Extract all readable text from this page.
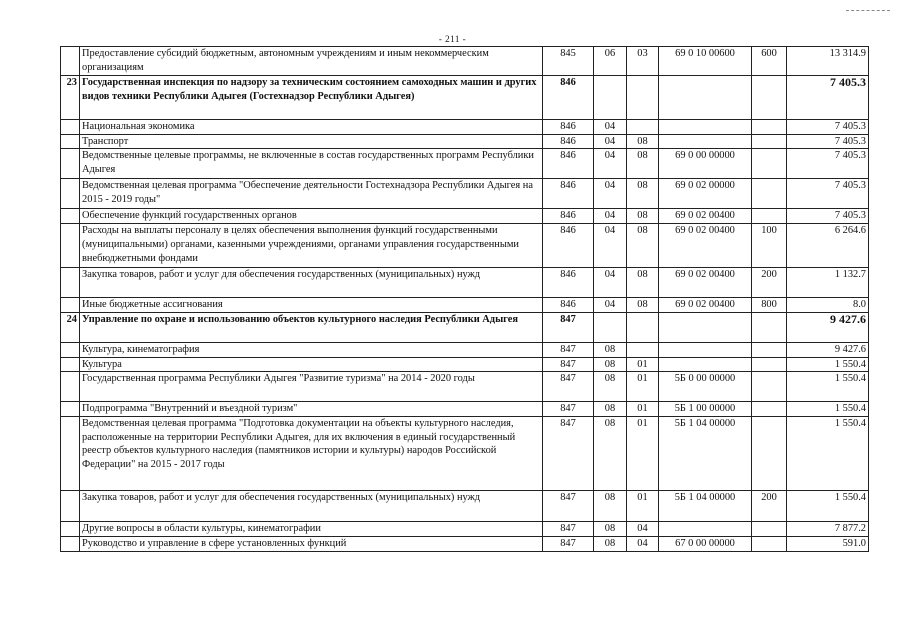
- 211 -
	Предоставление субсидий бюджетным, автономным учреждениям и иным некоммерческим организациям	845	06	03	69 0 10 00600	600	13 314.9
23	Государственная инспекция по надзору за техническим состоянием самоходных машин и других видов техники Республики Адыгея (Гостехнадзор Республики Адыгея)	846					7 405.3
	Национальная экономика	846	04				7 405.3
	Транспорт	846	04	08			7 405.3
	Ведомственные целевые программы, не включенные в состав государственных программ Республики Адыгея	846	04	08	69 0 00 00000		7 405.3
	Ведомственная целевая программа "Обеспечение деятельности Гостехнадзора Республики Адыгея на 2015 - 2019 годы"	846	04	08	69 0 02 00000		7 405.3
	Обеспечение функций государственных органов	846	04	08	69 0 02 00400		7 405.3
	Расходы на выплаты персоналу в целях обеспечения выполнения функций государственными (муниципальными) органами, казенными учреждениями, органами управления государственными внебюджетными фондами	846	04	08	69 0 02 00400	100	6 264.6
	Закупка товаров, работ и услуг для обеспечения государственных (муниципальных) нужд	846	04	08	69 0 02 00400	200	1 132.7
	Иные бюджетные ассигнования	846	04	08	69 0 02 00400	800	8.0
24	Управление по охране и использованию объектов культурного наследия Республики Адыгея	847					9 427.6
	Культура, кинематография	847	08				9 427.6
	Культура	847	08	01			1 550.4
	Государственная программа Республики Адыгея "Развитие туризма" на 2014 - 2020 годы	847	08	01	5Б 0 00 00000		1 550.4
	Подпрограмма "Внутренний и въездной туризм"	847	08	01	5Б 1 00 00000		1 550.4
	Ведомственная целевая программа "Подготовка документации на объекты культурного наследия, расположенные на территории Республики Адыгея, для их включения в единый государственный реестр объектов культурного наследия (памятников истории и культуры) народов Российской Федерации" на 2015 - 2017 годы	847	08	01	5Б 1 04 00000		1 550.4
	Закупка товаров, работ и услуг для обеспечения государственных (муниципальных) нужд	847	08	01	5Б 1 04 00000	200	1 550.4
	Другие вопросы в области культуры, кинематографии	847	08	04			7 877.2
	Руководство и управление в сфере установленных функций	847	08	04	67 0 00 00000		591.0
